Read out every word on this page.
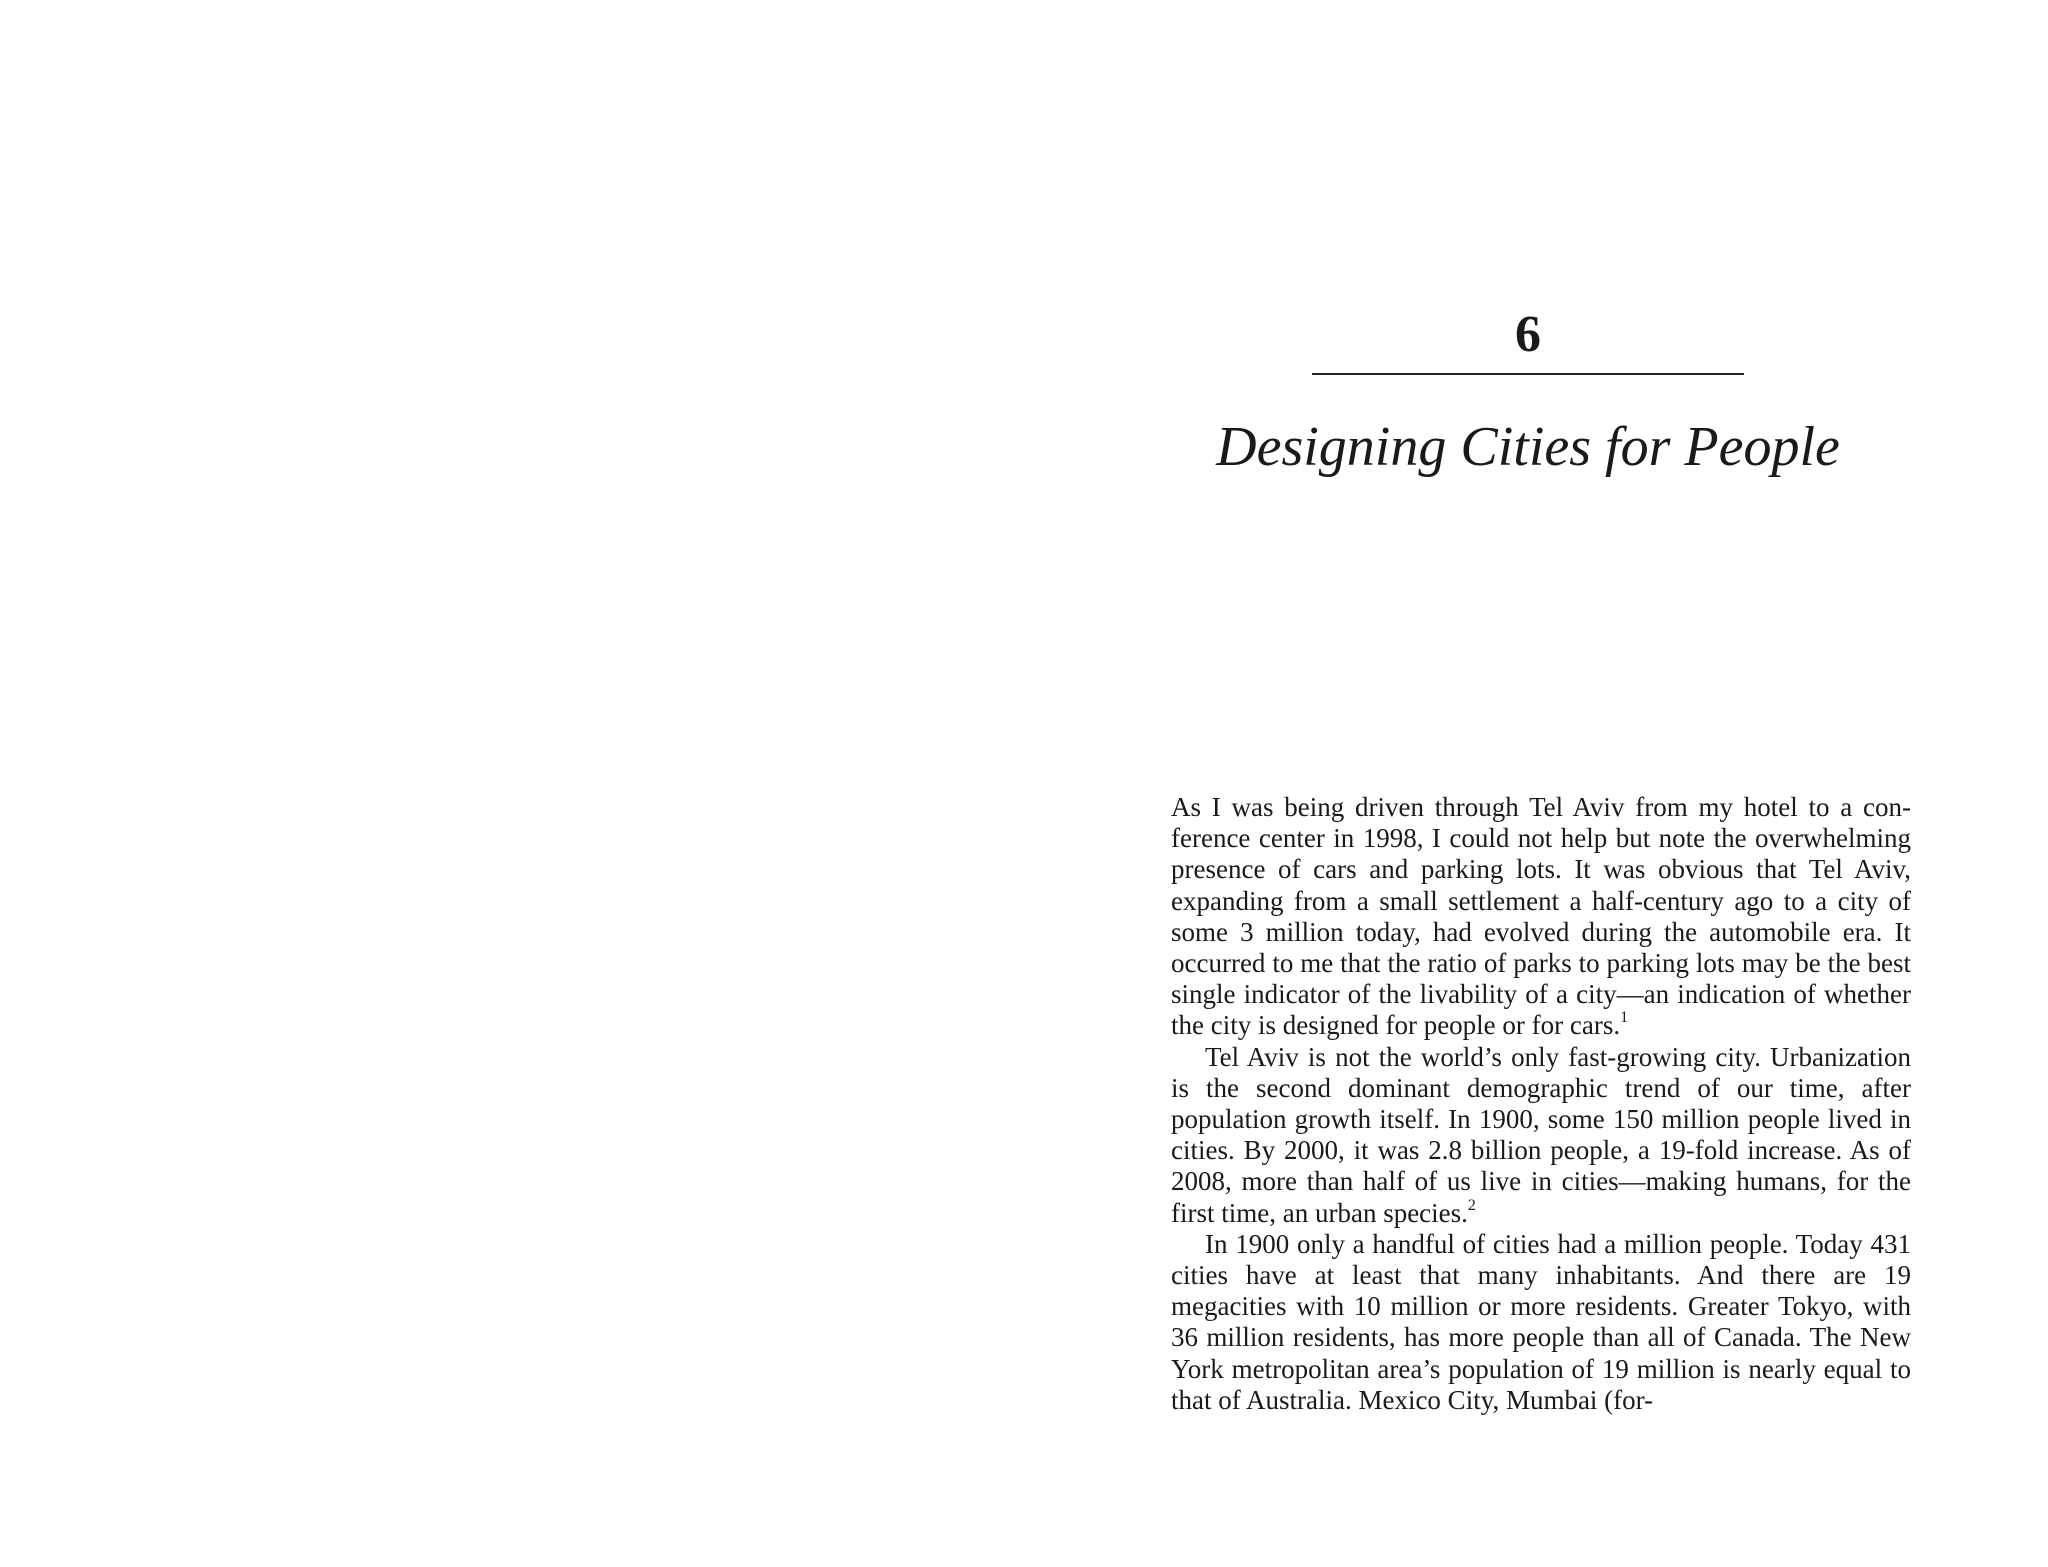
6
Designing Cities for People

As I was being driven through Tel Aviv from my hotel to a conference center in 1998, I could not help but note the overwhelming presence of cars and parking lots. It was obvious that Tel Aviv, expanding from a small settlement a half-century ago to a city of some 3 million today, had evolved during the automobile era. It occurred to me that the ratio of parks to parking lots may be the best single indicator of the livability of a city—an indication of whether the city is designed for people or for cars.$^1$

Tel Aviv is not the world’s only fast-growing city. Urbanization is the second dominant demographic trend of our time, after population growth itself. In 1900, some 150 million people lived in cities. By 2000, it was 2.8 billion people, a 19-fold increase. As of 2008, more than half of us live in cities—making humans, for the first time, an urban species.$^2$

In 1900 only a handful of cities had a million people. Today 431 cities have at least that many inhabitants. And there are 19 megacities with 10 million or more residents. Greater Tokyo, with 36 million residents, has more people than all of Canada. The New York metropolitan area’s population of 19 million is nearly equal to that of Australia. Mexico City, Mumbai (for-
